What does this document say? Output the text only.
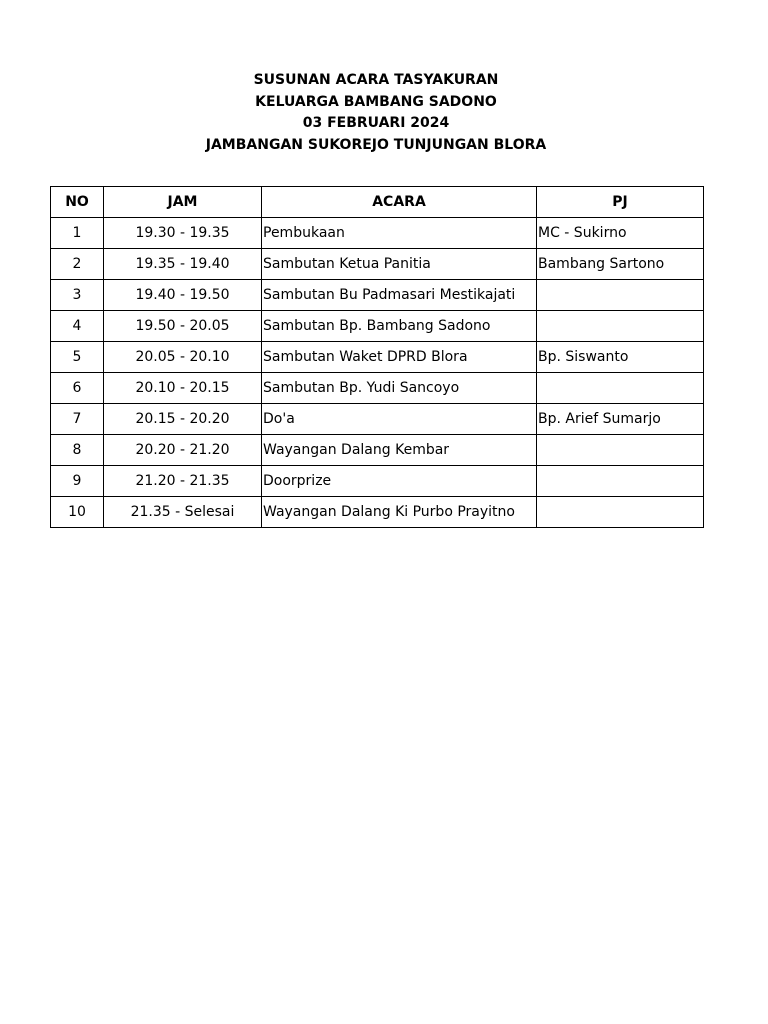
SUSUNAN ACARA TASYAKURAN
KELUARGA BAMBANG SADONO
03 FEBRUARI 2024
JAMBANGAN SUKOREJO TUNJUNGAN BLORA
NO	JAM	ACARA	PJ
1	19.30 - 19.35	Pembukaan	MC - Sukirno
2	19.35 - 19.40	Sambutan Ketua Panitia	Bambang Sartono
3	19.40 - 19.50	Sambutan Bu Padmasari Mestikajati	
4	19.50 - 20.05	Sambutan Bp. Bambang Sadono	
5	20.05 - 20.10	Sambutan Waket DPRD Blora	Bp. Siswanto
6	20.10 - 20.15	Sambutan Bp. Yudi Sancoyo	
7	20.15 - 20.20	Do'a	Bp. Arief Sumarjo
8	20.20 - 21.20	Wayangan Dalang Kembar	
9	21.20 - 21.35	Doorprize	
10	21.35 - Selesai	Wayangan Dalang Ki Purbo Prayitno	
